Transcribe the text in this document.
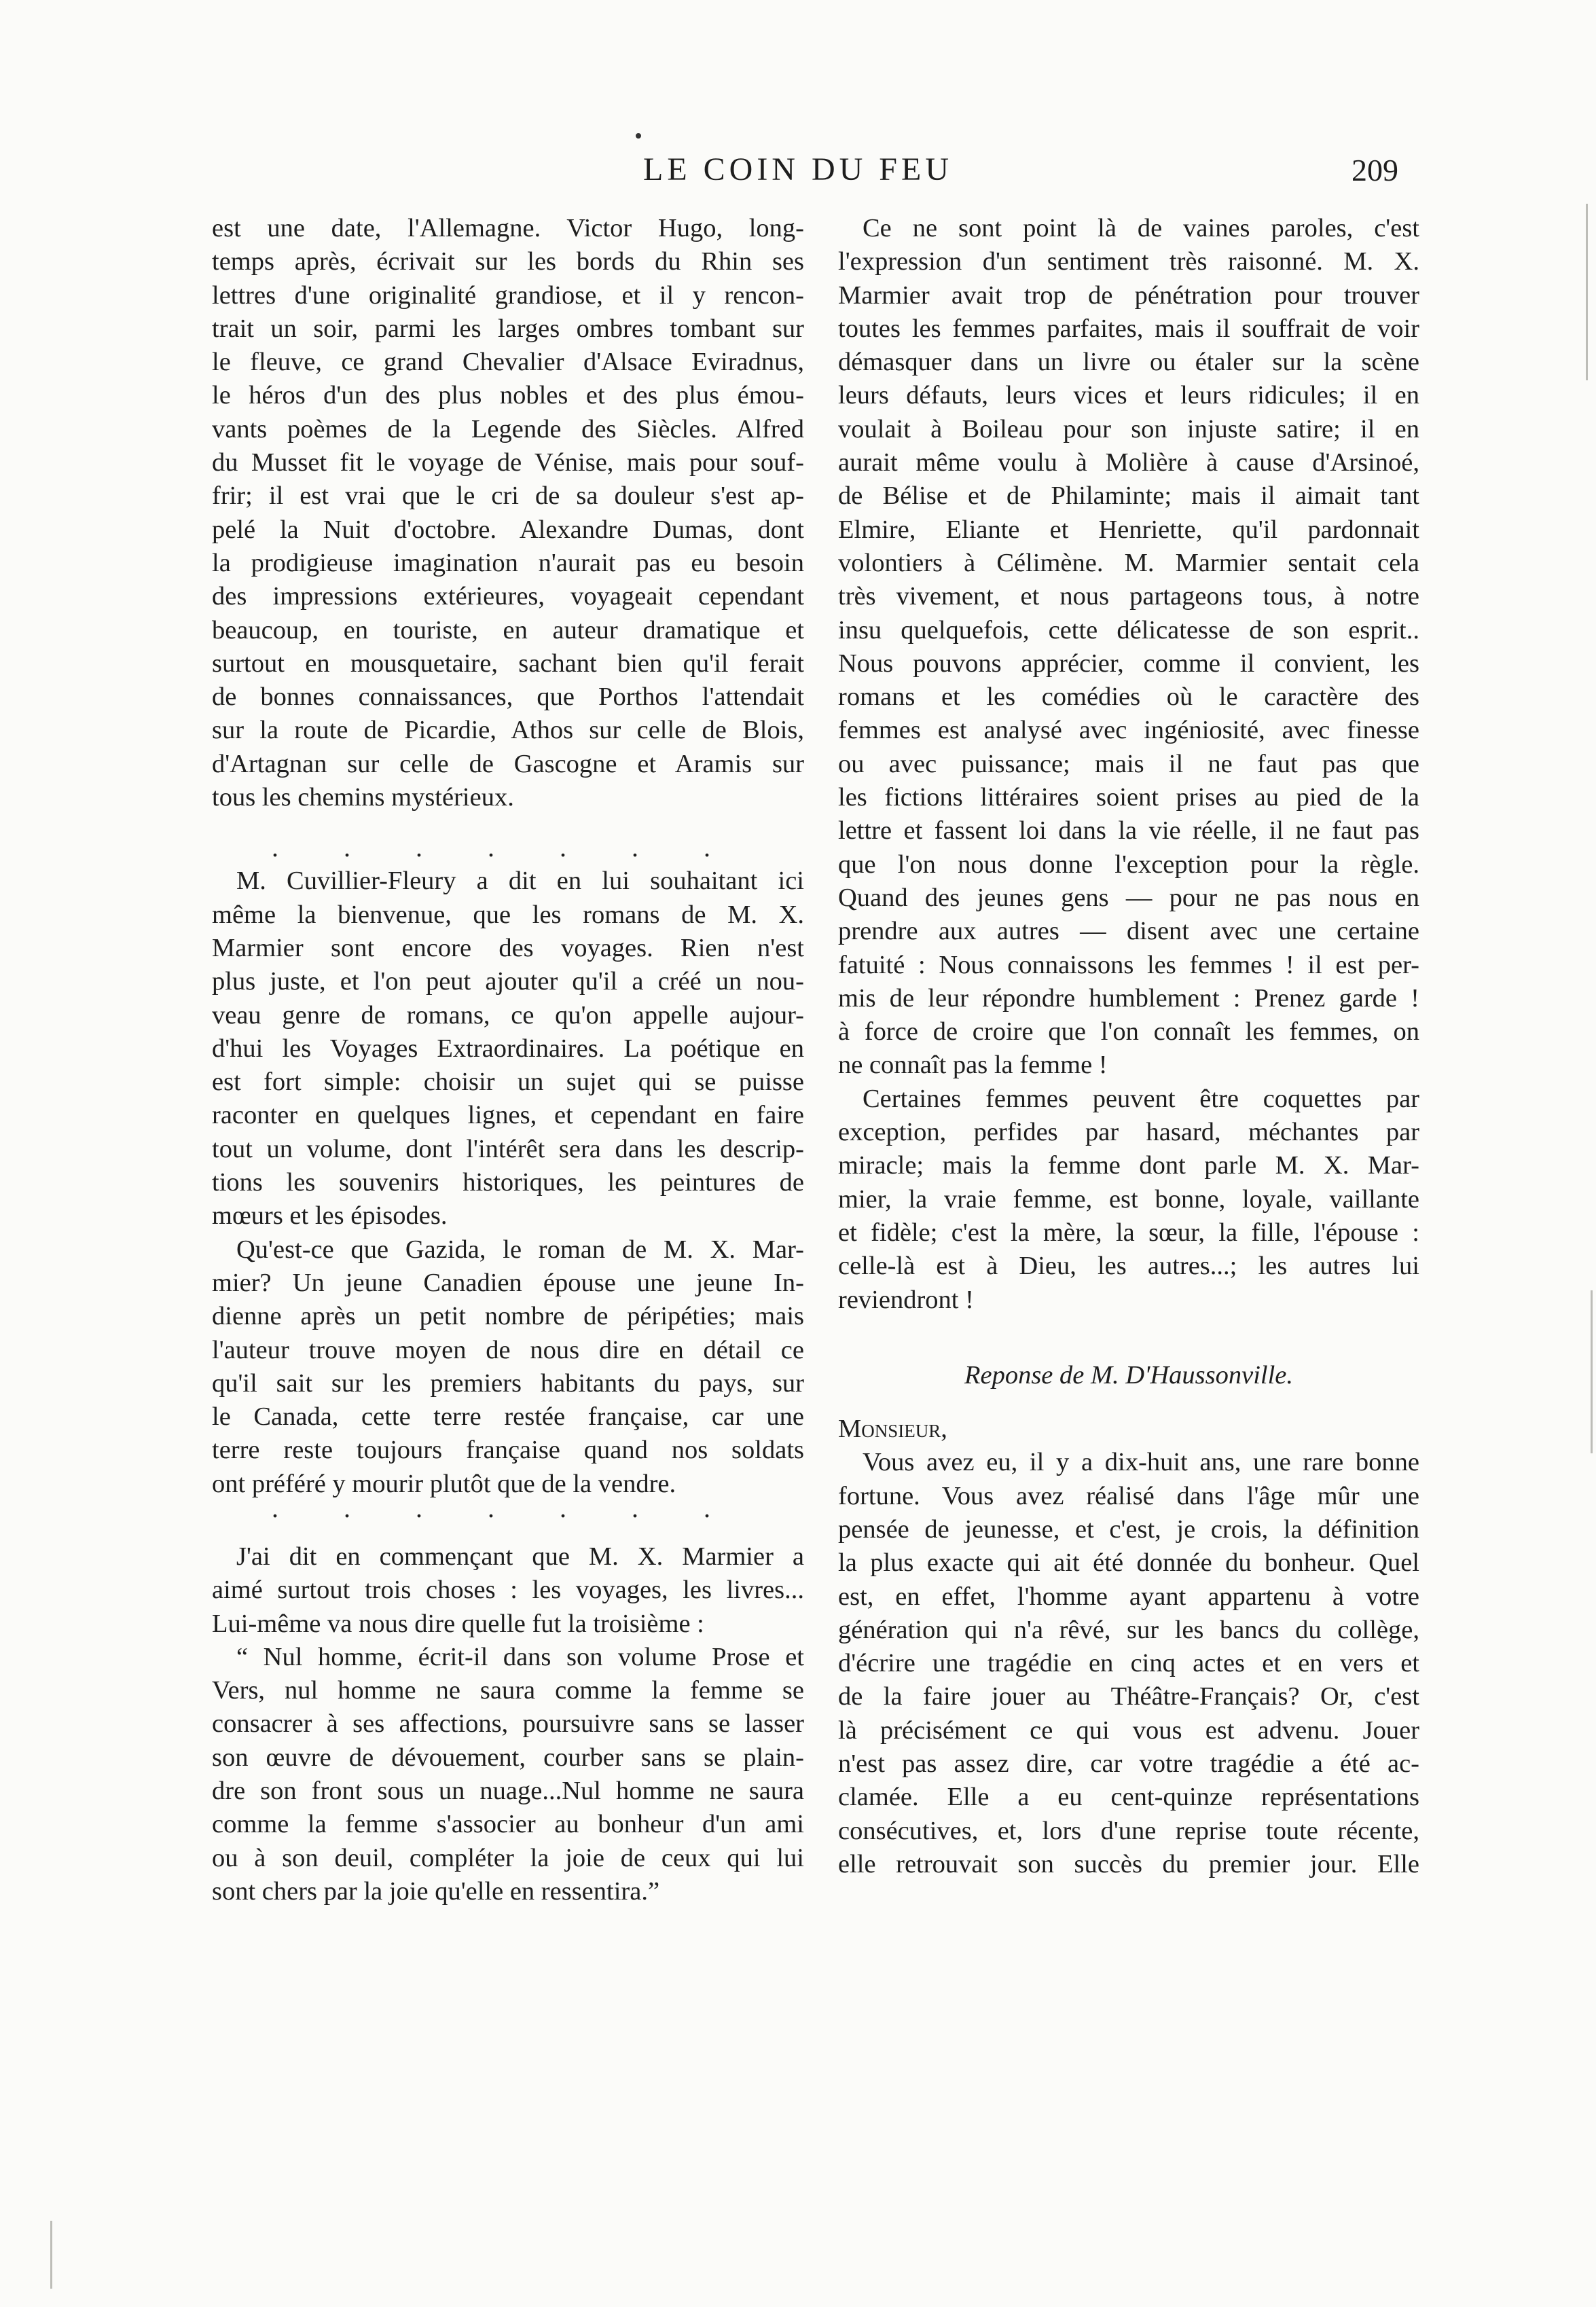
LE COIN DU FEU	209
est une date, l'Allemagne. Victor Hugo, long-
temps après, écrivait sur les bords du Rhin ses
lettres d'une originalité grandiose, et il y rencon-
trait un soir, parmi les larges ombres tombant sur
le fleuve, ce grand Chevalier d'Alsace Eviradnus,
le héros d'un des plus nobles et des plus émou-
vants poèmes de la Legende des Siècles. Alfred
du Musset fit le voyage de Vénise, mais pour souf-
frir; il est vrai que le cri de sa douleur s'est ap-
pelé la Nuit d'octobre. Alexandre Dumas, dont
la prodigieuse imagination n'aurait pas eu besoin
des impressions extérieures, voyageait cependant
beaucoup, en touriste, en auteur dramatique et
surtout en mousquetaire, sachant bien qu'il ferait
de bonnes connaissances, que Porthos l'attendait
sur la route de Picardie, Athos sur celle de Blois,
d'Artagnan sur celle de Gascogne et Aramis sur
tous les chemins mystérieux.
. . . . . . .
M. Cuvillier-Fleury a dit en lui souhaitant ici
même la bienvenue, que les romans de M. X.
Marmier sont encore des voyages. Rien n'est
plus juste, et l'on peut ajouter qu'il a créé un nou-
veau genre de romans, ce qu'on appelle aujour-
d'hui les Voyages Extraordinaires. La poétique en
est fort simple: choisir un sujet qui se puisse
raconter en quelques lignes, et cependant en faire
tout un volume, dont l'intérêt sera dans les descrip-
tions les souvenirs historiques, les peintures de
mœurs et les épisodes.
Qu'est-ce que Gazida, le roman de M. X. Mar-
mier? Un jeune Canadien épouse une jeune In-
dienne après un petit nombre de péripéties; mais
l'auteur trouve moyen de nous dire en détail ce
qu'il sait sur les premiers habitants du pays, sur
le Canada, cette terre restée française, car une
terre reste toujours française quand nos soldats
ont préféré y mourir plutôt que de la vendre.
. . . . . . .
J'ai dit en commençant que M. X. Marmier a
aimé surtout trois choses : les voyages, les livres...
Lui-même va nous dire quelle fut la troisième :
“ Nul homme, écrit-il dans son volume Prose et
Vers, nul homme ne saura comme la femme se
consacrer à ses affections, poursuivre sans se lasser
son œuvre de dévouement, courber sans se plain-
dre son front sous un nuage...Nul homme ne saura
comme la femme s'associer au bonheur d'un ami
ou à son deuil, compléter la joie de ceux qui lui
sont chers par la joie qu'elle en ressentira.”
Ce ne sont point là de vaines paroles, c'est
l'expression d'un sentiment très raisonné. M. X.
Marmier avait trop de pénétration pour trouver
toutes les femmes parfaites, mais il souffrait de voir
démasquer dans un livre ou étaler sur la scène
leurs défauts, leurs vices et leurs ridicules; il en
voulait à Boileau pour son injuste satire; il en
aurait même voulu à Molière à cause d'Arsinoé,
de Bélise et de Philaminte; mais il aimait tant
Elmire, Eliante et Henriette, qu'il pardonnait
volontiers à Célimène. M. Marmier sentait cela
très vivement, et nous partageons tous, à notre
insu quelquefois, cette délicatesse de son esprit..
Nous pouvons apprécier, comme il convient, les
romans et les comédies où le caractère des
femmes est analysé avec ingéniosité, avec finesse
ou avec puissance; mais il ne faut pas que
les fictions littéraires soient prises au pied de la
lettre et fassent loi dans la vie réelle, il ne faut pas
que l'on nous donne l'exception pour la règle.
Quand des jeunes gens — pour ne pas nous en
prendre aux autres — disent avec une certaine
fatuité : Nous connaissons les femmes ! il est per-
mis de leur répondre humblement : Prenez garde !
à force de croire que l'on connaît les femmes, on
ne connaît pas la femme !
Certaines femmes peuvent être coquettes par
exception, perfides par hasard, méchantes par
miracle; mais la femme dont parle M. X. Mar-
mier, la vraie femme, est bonne, loyale, vaillante
et fidèle; c'est la mère, la sœur, la fille, l'épouse :
celle-là est à Dieu, les autres...; les autres lui
reviendront !
Reponse de M. D'Haussonville.
Monsieur,
Vous avez eu, il y a dix-huit ans, une rare bonne
fortune. Vous avez réalisé dans l'âge mûr une
pensée de jeunesse, et c'est, je crois, la définition
la plus exacte qui ait été donnée du bonheur. Quel
est, en effet, l'homme ayant appartenu à votre
génération qui n'a rêvé, sur les bancs du collège,
d'écrire une tragédie en cinq actes et en vers et
de la faire jouer au Théâtre-Français? Or, c'est
là précisément ce qui vous est advenu. Jouer
n'est pas assez dire, car votre tragédie a été ac-
clamée. Elle a eu cent-quinze représentations
consécutives, et, lors d'une reprise toute récente,
elle retrouvait son succès du premier jour. Elle
